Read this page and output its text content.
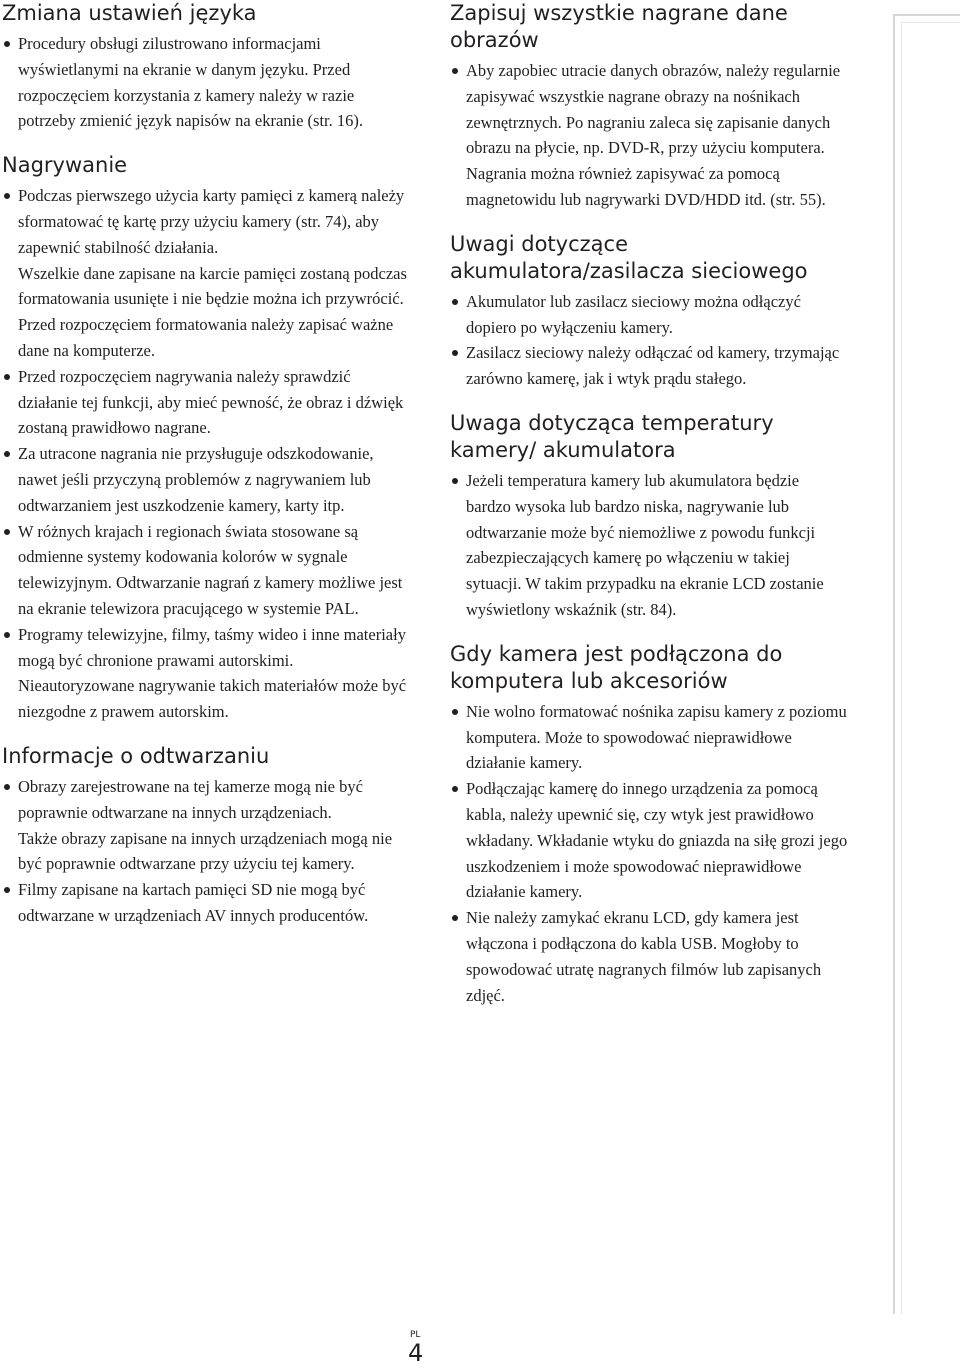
Zmiana ustawień języka

Procedury obsługi zilustrowano informacjami wyświetlanymi na ekranie w danym języku. Przed rozpoczęciem korzystania z kamery należy w razie potrzeby zmienić język napisów na ekranie (str. 16).

Nagrywanie

Podczas pierwszego użycia karty pamięci z kamerą należy sformatować tę kartę przy użyciu kamery (str. 74), aby zapewnić stabilność działania.

Wszelkie dane zapisane na karcie pamięci zostaną podczas formatowania usunięte i nie będzie można ich przywrócić. Przed rozpoczęciem formatowania należy zapisać ważne dane na komputerze.

Przed rozpoczęciem nagrywania należy sprawdzić działanie tej funkcji, aby mieć pewność, że obraz i dźwięk zostaną prawidłowo nagrane.

Za utracone nagrania nie przysługuje odszkodowanie, nawet jeśli przyczyną problemów z nagrywaniem lub odtwarzaniem jest uszkodzenie kamery, karty itp.

W różnych krajach i regionach świata stosowane są odmienne systemy kodowania kolorów w sygnale telewizyjnym. Odtwarzanie nagrań z kamery możliwe jest na ekranie telewizora pracującego w systemie PAL.

Programy telewizyjne, filmy, taśmy wideo i inne materiały mogą być chronione prawami autorskimi. Nieautoryzowane nagrywanie takich materiałów może być niezgodne z prawem autorskim.

Informacje o odtwarzaniu

Obrazy zarejestrowane na tej kamerze mogą nie być poprawnie odtwarzane na innych urządzeniach.

Także obrazy zapisane na innych urządzeniach mogą nie być poprawnie odtwarzane przy użyciu tej kamery.

Filmy zapisane na kartach pamięci SD nie mogą być odtwarzane w urządzeniach AV innych producentów.

Zapisuj wszystkie nagrane dane obrazów

Aby zapobiec utracie danych obrazów, należy regularnie zapisywać wszystkie nagrane obrazy na nośnikach zewnętrznych. Po nagraniu zaleca się zapisanie danych obrazu na płycie, np. DVD-R, przy użyciu komputera. Nagrania można również zapisywać za pomocą magnetowidu lub nagrywarki DVD/HDD itd. (str. 55).

Uwagi dotyczące akumulatora/zasilacza sieciowego

Akumulator lub zasilacz sieciowy można odłączyć dopiero po wyłączeniu kamery.

Zasilacz sieciowy należy odłączać od kamery, trzymając zarówno kamerę, jak i wtyk prądu stałego.

Uwaga dotycząca temperatury kamery/ akumulatora

Jeżeli temperatura kamery lub akumulatora będzie bardzo wysoka lub bardzo niska, nagrywanie lub odtwarzanie może być niemożliwe z powodu funkcji zabezpieczających kamerę po włączeniu w takiej sytuacji. W takim przypadku na ekranie LCD zostanie wyświetlony wskaźnik (str. 84).

Gdy kamera jest podłączona do komputera lub akcesoriów

Nie wolno formatować nośnika zapisu kamery z poziomu komputera. Może to spowodować nieprawidłowe działanie kamery.

Podłączając kamerę do innego urządzenia za pomocą kabla, należy upewnić się, czy wtyk jest prawidłowo wkładany. Wkładanie wtyku do gniazda na siłę grozi jego uszkodzeniem i może spowodować nieprawidłowe działanie kamery.

Nie należy zamykać ekranu LCD, gdy kamera jest włączona i podłączona do kabla USB. Mogłoby to spowodować utratę nagranych filmów lub zapisanych zdjęć.

PL
4
